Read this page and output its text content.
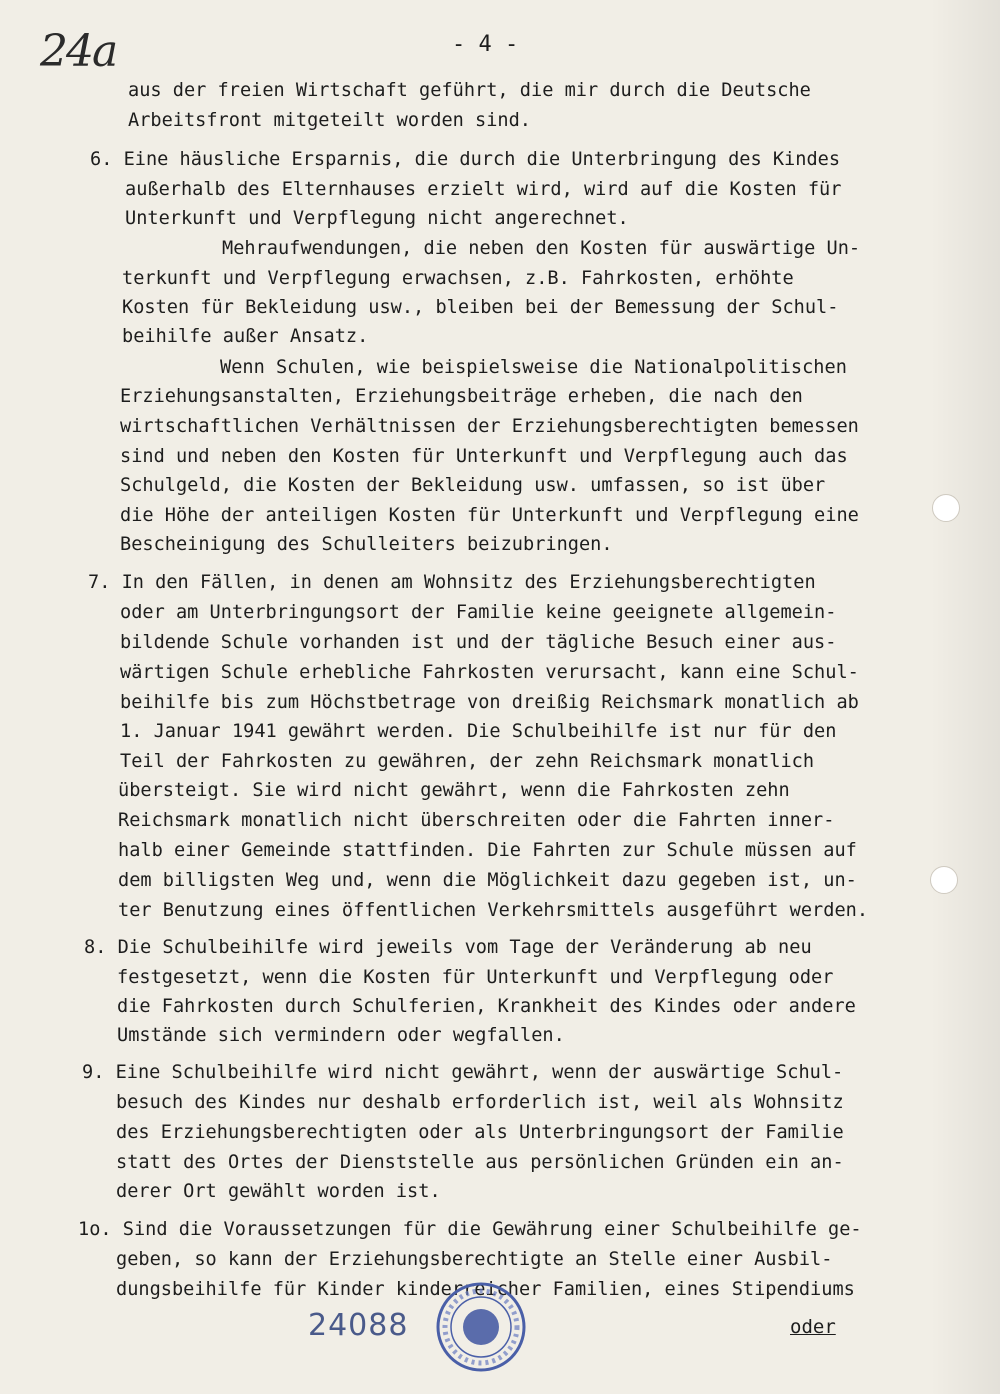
24a	- 4 -
aus der freien Wirtschaft geführt, die mir durch die Deutsche
Arbeitsfront mitgeteilt worden sind.
6. Eine häusliche Ersparnis, die durch die Unterbringung des Kindes
außerhalb des Elternhauses erzielt wird, wird auf die Kosten für
Unterkunft und Verpflegung nicht angerechnet.
Mehraufwendungen, die neben den Kosten für auswärtige Un-
terkunft und Verpflegung erwachsen, z.B. Fahrkosten, erhöhte
Kosten für Bekleidung usw., bleiben bei der Bemessung der Schul-
beihilfe außer Ansatz.
Wenn Schulen, wie beispielsweise die Nationalpolitischen
Erziehungsanstalten, Erziehungsbeiträge erheben, die nach den
wirtschaftlichen Verhältnissen der Erziehungsberechtigten bemessen
sind und neben den Kosten für Unterkunft und Verpflegung auch das
Schulgeld, die Kosten der Bekleidung usw. umfassen, so ist über
die Höhe der anteiligen Kosten für Unterkunft und Verpflegung eine
Bescheinigung des Schulleiters beizubringen.
7. In den Fällen, in denen am Wohnsitz des Erziehungsberechtigten
oder am Unterbringungsort der Familie keine geeignete allgemein-
bildende Schule vorhanden ist und der tägliche Besuch einer aus-
wärtigen Schule erhebliche Fahrkosten verursacht, kann eine Schul-
beihilfe bis zum Höchstbetrage von dreißig Reichsmark monatlich ab
1. Januar 1941 gewährt werden. Die Schulbeihilfe ist nur für den
Teil der Fahrkosten zu gewähren, der zehn Reichsmark monatlich
übersteigt. Sie wird nicht gewährt, wenn die Fahrkosten zehn
Reichsmark monatlich nicht überschreiten oder die Fahrten inner-
halb einer Gemeinde stattfinden. Die Fahrten zur Schule müssen auf
dem billigsten Weg und, wenn die Möglichkeit dazu gegeben ist, un-
ter Benutzung eines öffentlichen Verkehrsmittels ausgeführt werden.
8. Die Schulbeihilfe wird jeweils vom Tage der Veränderung ab neu
festgesetzt, wenn die Kosten für Unterkunft und Verpflegung oder
die Fahrkosten durch Schulferien, Krankheit des Kindes oder andere
Umstände sich vermindern oder wegfallen.
9. Eine Schulbeihilfe wird nicht gewährt, wenn der auswärtige Schul-
besuch des Kindes nur deshalb erforderlich ist, weil als Wohnsitz
des Erziehungsberechtigten oder als Unterbringungsort der Familie
statt des Ortes der Dienststelle aus persönlichen Gründen ein an-
derer Ort gewählt worden ist.
1o. Sind die Voraussetzungen für die Gewährung einer Schulbeihilfe ge-
geben, so kann der Erziehungsberechtigte an Stelle einer Ausbil-
dungsbeihilfe für Kinder kinderreicher Familien, eines Stipendiums
24088	oder
